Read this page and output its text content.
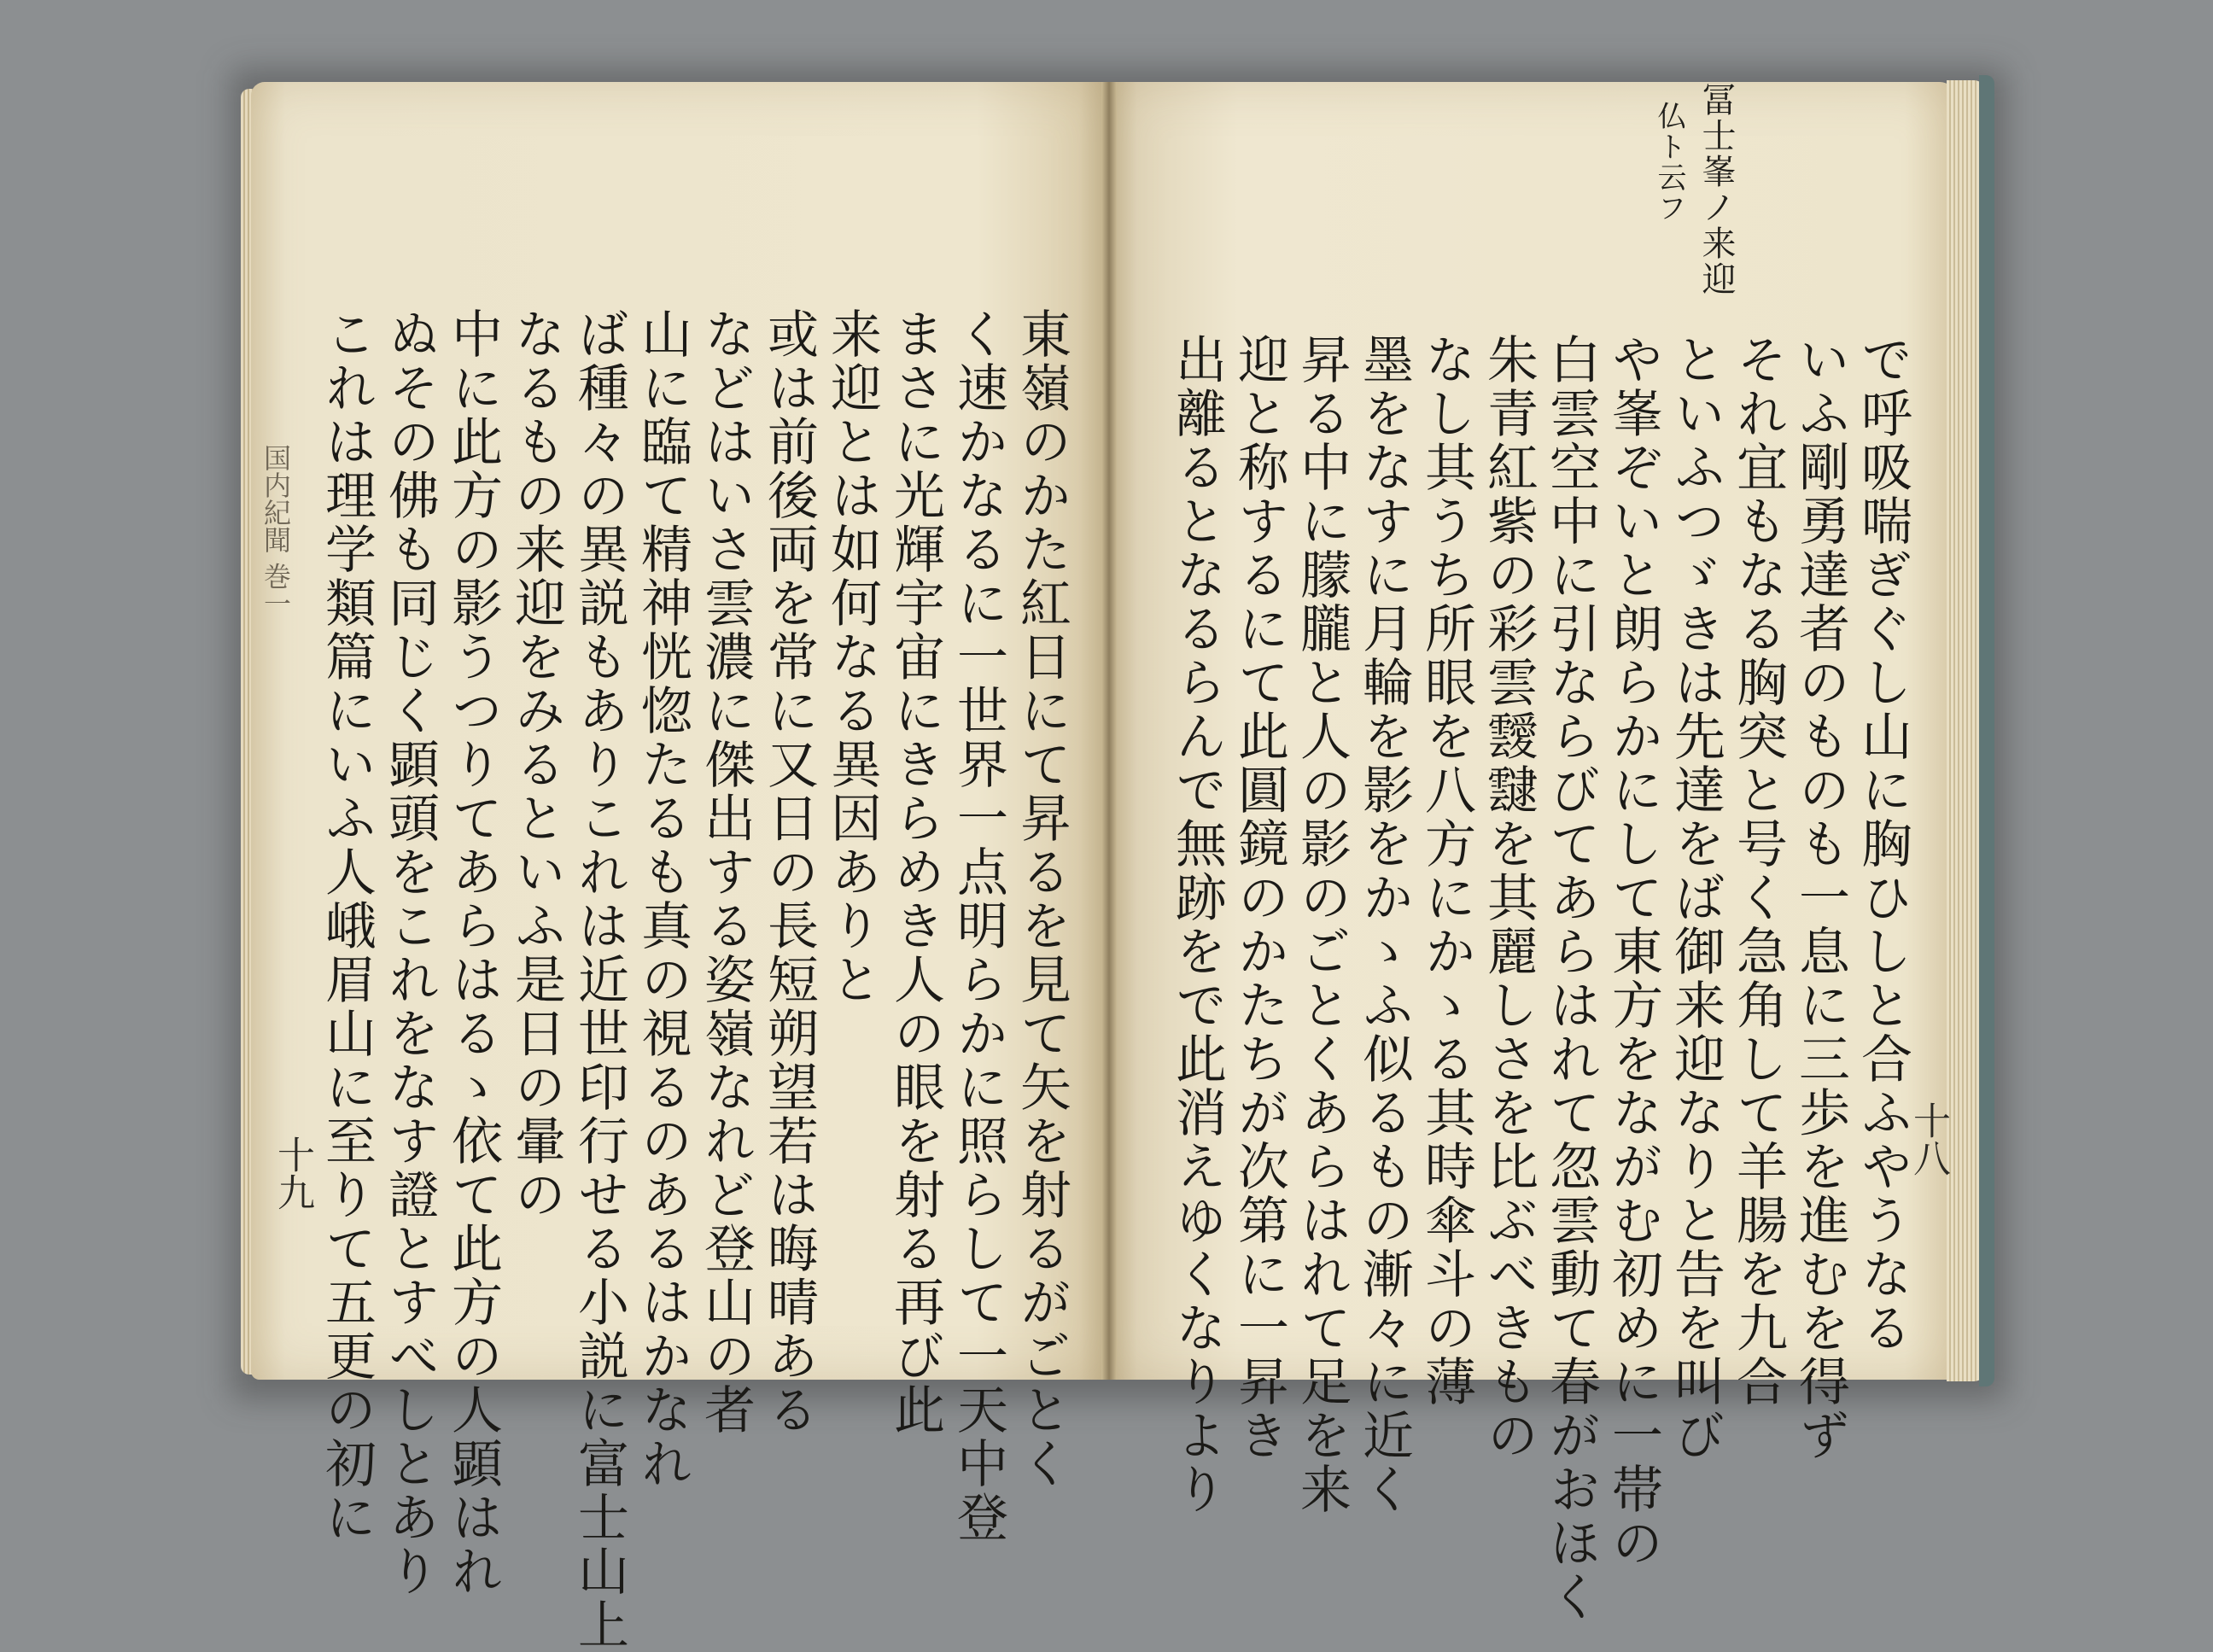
冨士峯ノ来迎
仏ト云フ
十八
で呼吸喘ぎぐし山に胸ひしと合ふやうなる
いふ剛勇達者のものも一息に三歩を進むを得ず
それ宜もなる胸突と号く急角して羊腸を九合
といふつゞきは先達をば御来迎なりと告を叫び
や峯ぞいと朗らかにして東方をながむ初めに一帯の
白雲空中に引ならびてあらはれて忽雲動て春がおほく
朱青紅紫の彩雲靉靆を其麗しさを比ぶべきもの
なし其うち所眼を八方にかゝる其時傘斗の薄
墨をなすに月輪を影をかゝふ似るもの漸々に近く
昇る中に朦朧と人の影のごとくあらはれて足を来
迎と称するにて此圓鏡のかたちが次第に一昇き
出離るとなるらんで無跡をで此消えゆくなりより
国内紀聞 巻一
十九	東嶺のかた紅日にて昇るを見て矢を射るがごとく
く速かなるに一世界一点明らかに照らして一天中登
まさに光輝宇宙にきらめき人の眼を射る再び此
来迎とは如何なる異因ありと
或は前後両を常に又日の長短朔望若は晦晴ある
などはいさ雲濃に傑出する姿嶺なれど登山の者
山に臨て精神恍惚たるも真の視るのあるはかなれ
ば種々の異説もありこれは近世印行せる小説に富士山上
なるもの来迎をみるといふ是日の暈の
中に此方の影うつりてあらはるゝ依て此方の人顕はれ
ぬその佛も同じく顕頭をこれをなす證とすべしとあり
これは理学類篇にいふ人峨眉山に至りて五更の初に
